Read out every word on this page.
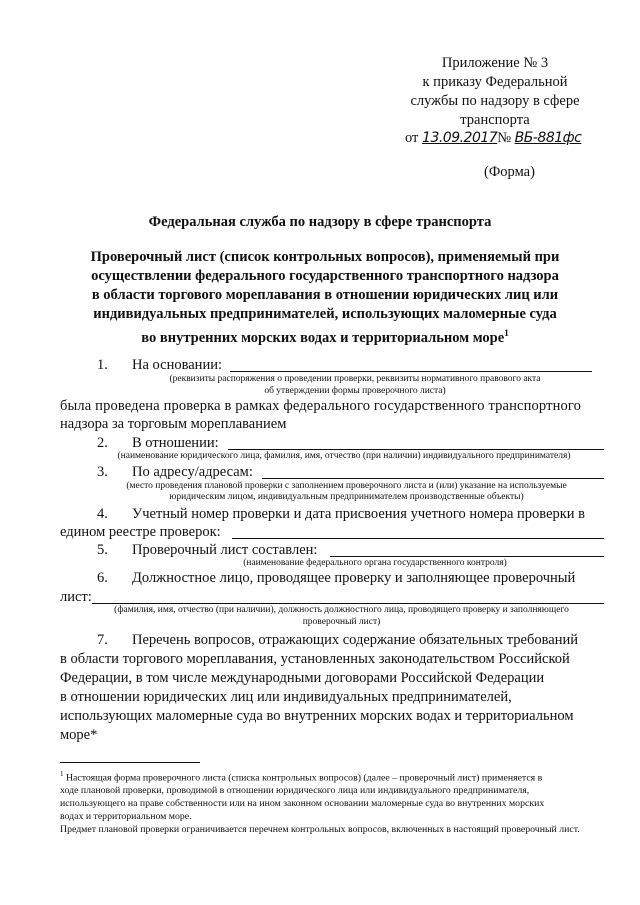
Приложение № 3
к приказу Федеральной
службы по надзору в сфере
транспорта
от 13.09.2017№ ВБ-881фс
(Форма)
Федеральная служба по надзору в сфере транспорта
Проверочный лист (список контрольных вопросов), применяемый при
осуществлении федерального государственного транспортного надзора
в области торгового мореплавания в отношении юридических лиц или
индивидуальных предпринимателей, использующих маломерные суда
во внутренних морских водах и территориальном море$^1$
1. На основании:
(реквизиты распоряжения о проведении проверки, реквизиты нормативного правового акта
об утверждении формы проверочного листа)
была проведена проверка в рамках федерального государственного транспортного
надзора за торговым мореплаванием
2. В отношении:
(наименование юридического лица, фамилия, имя, отчество (при наличии) индивидуального предпринимателя)
3. По адресу/адресам:
(место проведения плановой проверки с заполнением проверочного листа и (или) указание на используемые
юридическим лицом, индивидуальным предпринимателем производственные объекты)
4. Учетный номер проверки и дата присвоения учетного номера проверки в
едином реестре проверок:
5. Проверочный лист составлен:
(наименование федерального органа государственного контроля)
6. Должностное лицо, проводящее проверку и заполняющее проверочный
лист:
(фамилия, имя, отчество (при наличии), должность должностного лица, проводящего проверку и заполняющего
проверочный лист)
7. Перечень вопросов, отражающих содержание обязательных требований
в области торгового мореплавания, установленных законодательством Российской
Федерации, в том числе международными договорами Российской Федерации
в отношении юридических лиц или индивидуальных предпринимателей,
использующих маломерные суда во внутренних морских водах и территориальном
море*
$^1$ Настоящая форма проверочного листа (списка контрольных вопросов) (далее – проверочный лист) применяется в
ходе плановой проверки, проводимой в отношении юридического лица или индивидуального предпринимателя,
использующего на праве собственности или на ином законном основании маломерные суда во внутренних морских
водах и территориальном море.
Предмет плановой проверки ограничивается перечнем контрольных вопросов, включенных в настоящий проверочный лист.
